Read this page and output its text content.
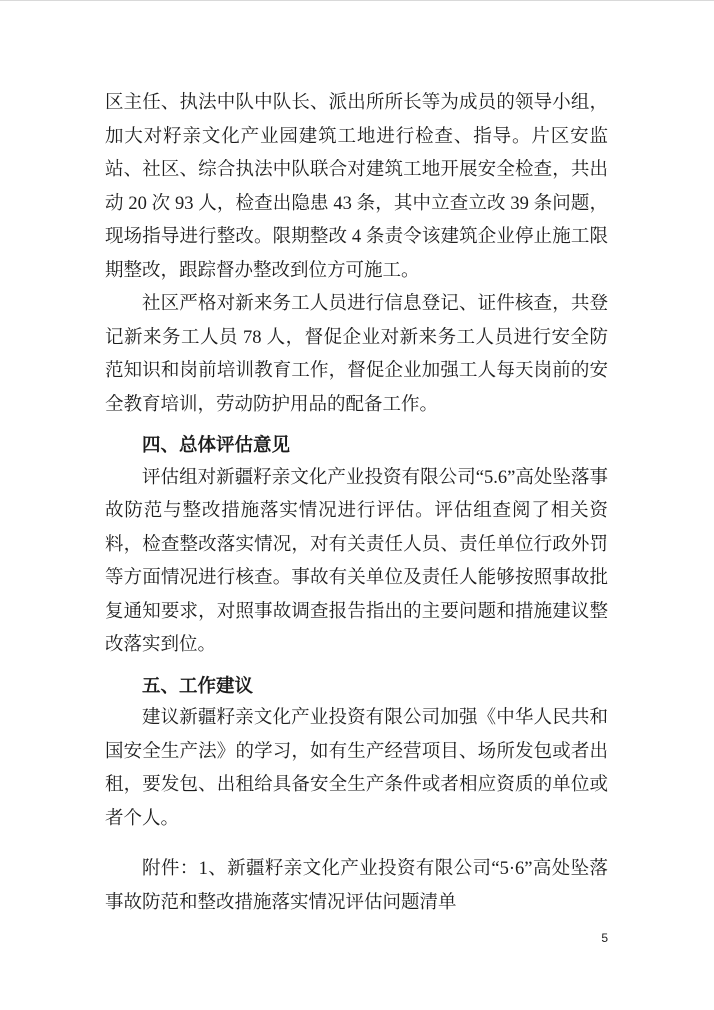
区主任、执法中队中队长、派出所所长等为成员的领导小组，加大对籽亲文化产业园建筑工地进行检查、指导。片区安监站、社区、综合执法中队联合对建筑工地开展安全检查，共出动 20 次 93 人，检查出隐患 43 条，其中立查立改 39 条问题，现场指导进行整改。限期整改 4 条责令该建筑企业停止施工限期整改，跟踪督办整改到位方可施工。

社区严格对新来务工人员进行信息登记、证件核查，共登记新来务工人员 78 人，督促企业对新来务工人员进行安全防范知识和岗前培训教育工作，督促企业加强工人每天岗前的安全教育培训，劳动防护用品的配备工作。

四、总体评估意见

评估组对新疆籽亲文化产业投资有限公司“5.6”高处坠落事故防范与整改措施落实情况进行评估。评估组查阅了相关资料，检查整改落实情况，对有关责任人员、责任单位行政外罚等方面情况进行核查。事故有关单位及责任人能够按照事故批复通知要求，对照事故调查报告指出的主要问题和措施建议整改落实到位。

五、工作建议

建议新疆籽亲文化产业投资有限公司加强《中华人民共和国安全生产法》的学习，如有生产经营项目、场所发包或者出租，要发包、出租给具备安全生产条件或者相应资质的单位或者个人。

附件：1、新疆籽亲文化产业投资有限公司“5·6”高处坠落事故防范和整改措施落实情况评估问题清单

5
